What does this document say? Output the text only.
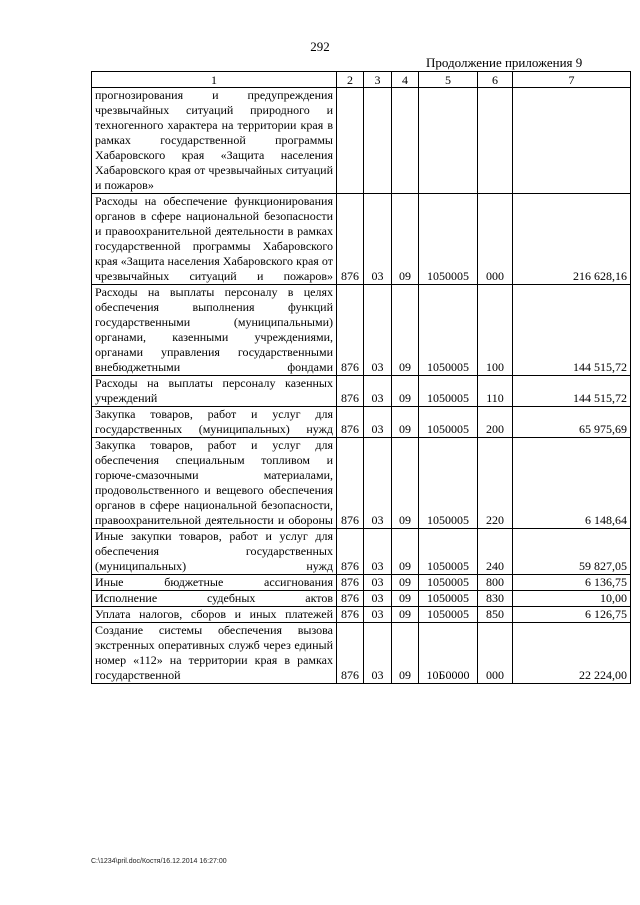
292
Продолжение приложения 9
1	2	3	4	5	6	7
прогнозирования и предупреждения чрезвычайных ситуаций природного и техногенного характера на территории края в рамках государственной программы Хабаровского края «Защита населения Хабаровского края от чрезвычайных ситуаций и пожаров»						
Расходы на обеспечение функционирования органов в сфере национальной безопасности и правоохранительной деятельности в рамках государственной программы Хабаровского края «Защита населения Хабаровского края от чрезвычайных ситуаций и пожаров»	876	03	09	1050005	000	216 628,16
Расходы на выплаты персоналу в целях обеспечения выполнения функций государственными (муниципальными) органами, казенными учреждениями, органами управления государственными внебюджетными фондами	876	03	09	1050005	100	144 515,72
Расходы на выплаты персоналу казенных учреждений	876	03	09	1050005	110	144 515,72
Закупка товаров, работ и услуг для государственных (муниципальных) нужд	876	03	09	1050005	200	65 975,69
Закупка товаров, работ и услуг для обеспечения специальным топливом и горюче-смазочными материалами, продовольственного и вещевого обеспечения органов в сфере национальной безопасности, правоохранительной деятельности и обороны	876	03	09	1050005	220	6 148,64
Иные закупки товаров, работ и услуг для обеспечения государственных (муниципальных) нужд	876	03	09	1050005	240	59 827,05
Иные бюджетные ассигнования	876	03	09	1050005	800	6 136,75
Исполнение судебных актов	876	03	09	1050005	830	10,00
Уплата налогов, сборов и иных платежей	876	03	09	1050005	850	6 126,75
Создание системы обеспечения вызова экстренных оперативных служб через единый номер «112» на территории края в рамках государственной	876	03	09	10Б0000	000	22 224,00
C:\1234\pril.doc/Костя/16.12.2014 16:27:00
